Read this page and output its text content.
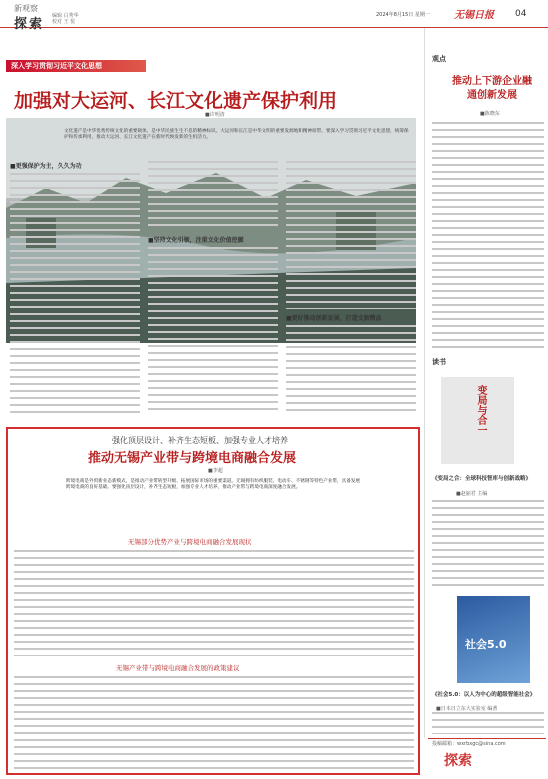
新观察
探索
编辑 白秀华
校对 王 悦
2024年8月15日 星期一 无锡日报 04
深入学习贯彻习近平文化思想
加强对大运河、长江文化遗产保护利用
■许明清
文化遗产是中华优秀传统文化的重要载体，是中华民族生生不息的精神标识。大运河和长江是中华文明的重要发源地和精神纽带。要深入学习贯彻习近平文化思想，统筹保护和传承利用，推动大运河、长江文化遗产在新时代焕发新的生机活力。
■更强保护为主，久久为功
■坚持文化引领，注重文化价值挖掘
■更好推动创新发展，打造文旅精品
强化顶层设计、补齐生态短板、加强专业人才培养
推动无锡产业带与跨境电商融合发展
■李超
跨境电商是外贸新业态新模式，是推动产业带转型升级、拓展国际市场的重要渠道。无锡拥有纺织服装、电动车、不锈钢等特色产业带，具备发展跨境电商的良好基础。要强化顶层设计，补齐生态短板，加强专业人才培养，推动产业带与跨境电商深度融合发展。
无锡部分优势产业与跨境电商融合发展现状
无锡产业带与跨境电商融合发展的政策建议
观点
推动上下游企业融通创新发展
■陈晓东
读书
变局与合一
《变局之合：全球科技智库与创新战略》
■赵丽君 主编
社会5.0
《社会5.0：以人为中心的超级智能社会》
■日本日立东大实验室 编著
投稿邮箱：wxrbxgc@sina.com
探索
